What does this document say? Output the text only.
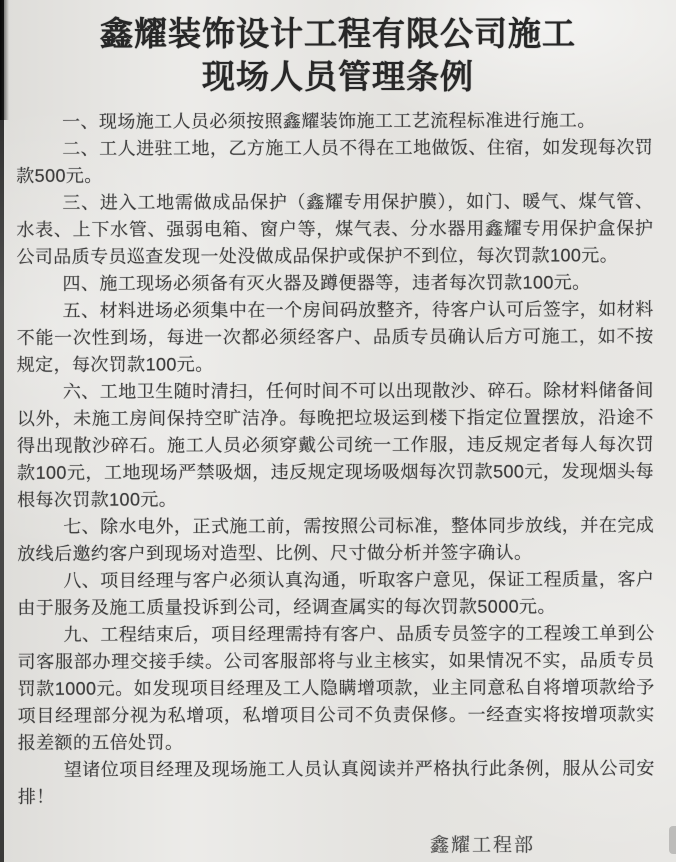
鑫耀装饰设计工程有限公司施工
现场人员管理条例

一、现场施工人员必须按照鑫耀装饰施工工艺流程标准进行施工。

二、工人进驻工地，乙方施工人员不得在工地做饭、住宿，如发现每次罚款500元。

三、进入工地需做成品保护（鑫耀专用保护膜），如门、暖气、煤气管、水表、上下水管、强弱电箱、窗户等，煤气表、分水器用鑫耀专用保护盒保护公司品质专员巡查发现一处没做成品保护或保护不到位，每次罚款100元。

四、施工现场必须备有灭火器及蹲便器等，违者每次罚款100元。

五、材料进场必须集中在一个房间码放整齐，待客户认可后签字，如材料不能一次性到场，每进一次都必须经客户、品质专员确认后方可施工，如不按规定，每次罚款100元。

六、工地卫生随时清扫，任何时间不可以出现散沙、碎石。除材料储备间以外，未施工房间保持空旷洁净。每晚把垃圾运到楼下指定位置摆放，沿途不得出现散沙碎石。施工人员必须穿戴公司统一工作服，违反规定者每人每次罚款100元，工地现场严禁吸烟，违反规定现场吸烟每次罚款500元，发现烟头每根每次罚款100元。

七、除水电外，正式施工前，需按照公司标准，整体同步放线，并在完成放线后邀约客户到现场对造型、比例、尺寸做分析并签字确认。

八、项目经理与客户必须认真沟通，听取客户意见，保证工程质量，客户由于服务及施工质量投诉到公司，经调查属实的每次罚款5000元。

九、工程结束后，项目经理需持有客户、品质专员签字的工程竣工单到公司客服部办理交接手续。公司客服部将与业主核实，如果情况不实，品质专员罚款1000元。如发现项目经理及工人隐瞒增项款，业主同意私自将增项款给予项目经理部分视为私增项，私增项目公司不负责保修。一经查实将按增项款实报差额的五倍处罚。

望诸位项目经理及现场施工人员认真阅读并严格执行此条例，服从公司安排！

鑫耀工程部
